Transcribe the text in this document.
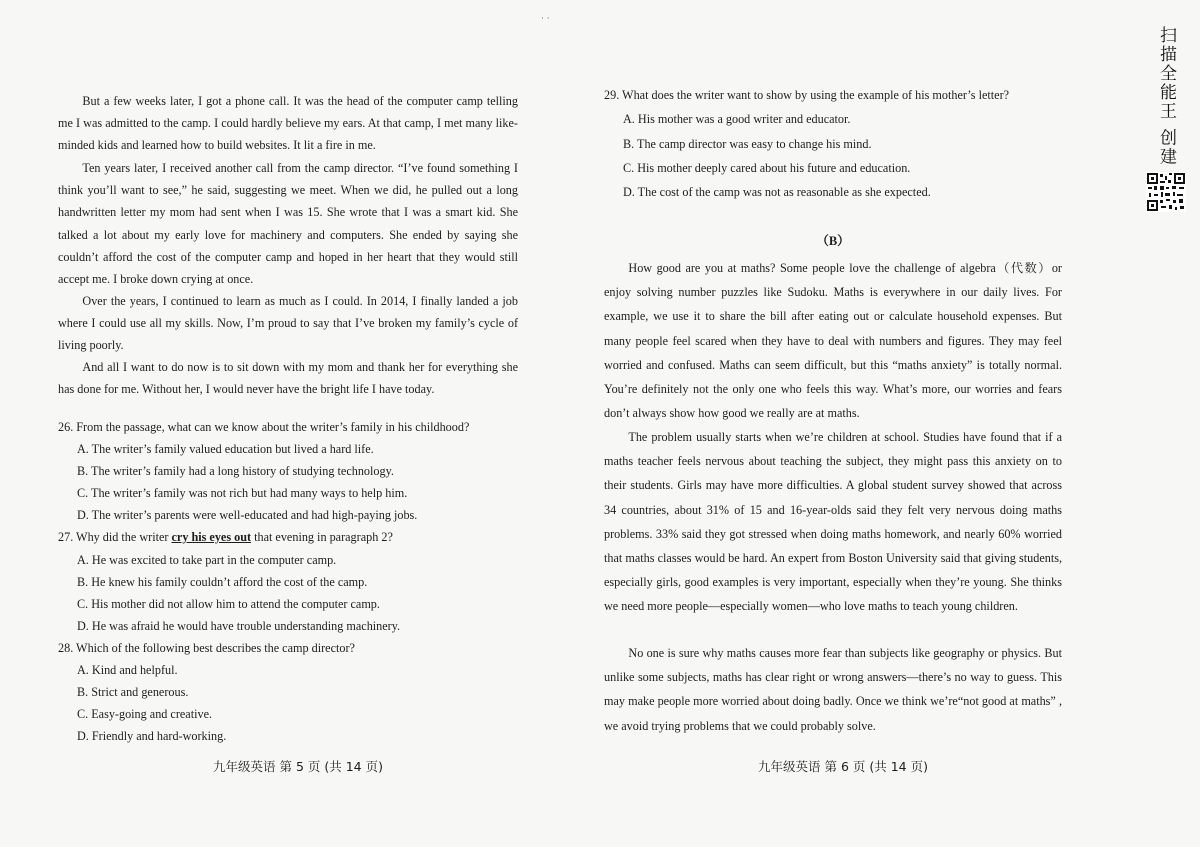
· ·

But a few weeks later, I got a phone call. It was the head of the computer camp telling me I was admitted to the camp. I could hardly believe my ears. At that camp, I met many like-minded kids and learned how to build websites. It lit a fire in me.

Ten years later, I received another call from the camp director. “I’ve found something I think you’ll want to see,” he said, suggesting we meet. When we did, he pulled out a long handwritten letter my mom had sent when I was 15. She wrote that I was a smart kid. She talked a lot about my early love for machinery and computers. She ended by saying she couldn’t afford the cost of the computer camp and hoped in her heart that they would still accept me. I broke down crying at once.

Over the years, I continued to learn as much as I could. In 2014, I finally landed a job where I could use all my skills. Now, I’m proud to say that I’ve broken my family’s cycle of living poorly.

And all I want to do now is to sit down with my mom and thank her for everything she has done for me. Without her, I would never have the bright life I have today.

26. From the passage, what can we know about the writer’s family in his childhood?
A. The writer’s family valued education but lived a hard life.
B. The writer’s family had a long history of studying technology.
C. The writer’s family was not rich but had many ways to help him.
D. The writer’s parents were well-educated and had high-paying jobs.
27. Why did the writer cry his eyes out that evening in paragraph 2?
A. He was excited to take part in the computer camp.
B. He knew his family couldn’t afford the cost of the camp.
C. His mother did not allow him to attend the computer camp.
D. He was afraid he would have trouble understanding machinery.
28. Which of the following best describes the camp director?
A. Kind and helpful.
B. Strict and generous.
C. Easy-going and creative.
D. Friendly and hard-working.
九年级英语 第 5 页 (共 14 页)
29. What does the writer want to show by using the example of his mother’s letter?
A. His mother was a good writer and educator.
B. The camp director was easy to change his mind.
C. His mother deeply cared about his future and education.
D. The cost of the camp was not as reasonable as she expected.
（B）

How good are you at maths? Some people love the challenge of algebra（代数）or enjoy solving number puzzles like Sudoku. Maths is everywhere in our daily lives. For example, we use it to share the bill after eating out or calculate household expenses. But many people feel scared when they have to deal with numbers and figures. They may feel worried and confused. Maths can seem difficult, but this “maths anxiety” is totally normal. You’re definitely not the only one who feels this way. What’s more, our worries and fears don’t always show how good we really are at maths.

The problem usually starts when we’re children at school. Studies have found that if a maths teacher feels nervous about teaching the subject, they might pass this anxiety on to their students. Girls may have more difficulties. A global student survey showed that across 34 countries, about 31% of 15 and 16-year-olds said they felt very nervous doing maths problems. 33% said they got stressed when doing maths homework, and nearly 60% worried that maths classes would be hard. An expert from Boston University said that giving students, especially girls, good examples is very important, especially when they’re young. She thinks we need more people—especially women—who love maths to teach young children.

No one is sure why maths causes more fear than subjects like geography or physics. But unlike some subjects, maths has clear right or wrong answers—there’s no way to guess. This may make people more worried about doing badly. Once we think we’re“not good at maths” , we avoid trying problems that we could probably solve.

九年级英语 第 6 页 (共 14 页)
扫描全能王 创建
